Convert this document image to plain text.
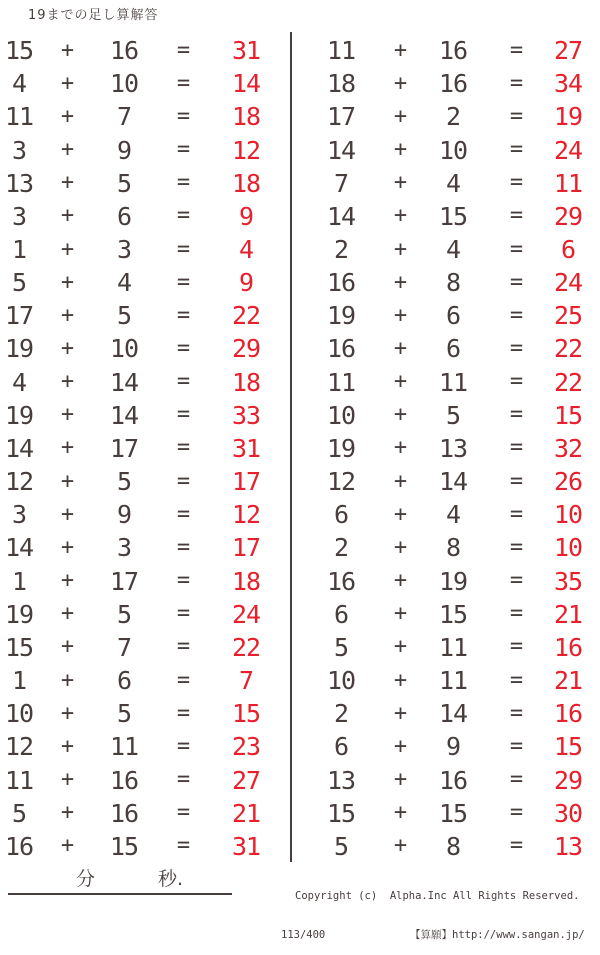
19までの足し算解答
15	+	16	=	31
4	+	10	=	14
11	+	7	=	18
3	+	9	=	12
13	+	5	=	18
3	+	6	=	9
1	+	3	=	4
5	+	4	=	9
17	+	5	=	22
19	+	10	=	29
4	+	14	=	18
19	+	14	=	33
14	+	17	=	31
12	+	5	=	17
3	+	9	=	12
14	+	3	=	17
1	+	17	=	18
19	+	5	=	24
15	+	7	=	22
1	+	6	=	7
10	+	5	=	15
12	+	11	=	23
11	+	16	=	27
5	+	16	=	21
16	+	15	=	31
11	+	16	=	27
18	+	16	=	34
17	+	2	=	19
14	+	10	=	24
7	+	4	=	11
14	+	15	=	29
2	+	4	=	6
16	+	8	=	24
19	+	6	=	25
16	+	6	=	22
11	+	11	=	22
10	+	5	=	15
19	+	13	=	32
12	+	14	=	26
6	+	4	=	10
2	+	8	=	10
16	+	19	=	35
6	+	15	=	21
5	+	11	=	16
10	+	11	=	21
2	+	14	=	16
6	+	9	=	15
13	+	16	=	29
15	+	15	=	30
5	+	8	=	13
分	秒.

Copyright (c)  Alpha.Inc All Rights Reserved.

113/400	【算願】http://www.sangan.jp/
